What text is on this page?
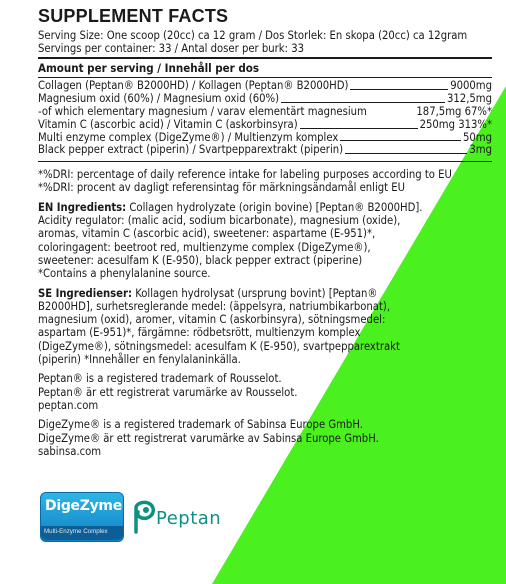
SUPPLEMENT FACTS
Serving Size: One scoop (20cc) ca 12 gram / Dos Storlek: En skopa (20cc) ca 12gram
Servings per container: 33 / Antal doser per burk: 33
Amount per serving / Innehåll per dos
Collagen (Peptan® B2000HD) / Kollagen (Peptan® B2000HD)	9000mg
Magnesium oxid (60%) / Magnesium oxid (60%)	312,5mg
-of which elementary magnesium / varav elementärt magnesium	187,5mg 67%*
Vitamin C (ascorbic acid) / Vitamin C (askorbinsyra)	250mg 313%*
Multi enzyme complex (DigeZyme®) / Multienzym komplex	50mg
Black pepper extract (piperin) / Svartpepparextrakt (piperin)	3mg

*%DRI: percentage of daily reference intake for labeling purposes according to EU

*%DRI: procent av dagligt referensintag för märkningsändamål enligt EU

EN Ingredients: Collagen hydrolyzate (origin bovine) [Peptan® B2000HD].
Acidity regulator: (malic acid, sodium bicarbonate), magnesium (oxide),
aromas, vitamin C (ascorbic acid), sweetener: aspartame (E-951)*,
coloringagent: beetroot red, multienzyme complex (DigeZyme®),
sweetener: acesulfam K (E-950), black pepper extract (piperine)
*Contains a phenylalanine source.

SE Ingredienser: Kollagen hydrolysat (ursprung bovint) [Peptan®
B2000HD], surhetsreglerande medel: (äppelsyra, natriumbikarbonat),
magnesium (oxid), aromer, vitamin C (askorbinsyra), sötningsmedel:
aspartam (E-951)*, färgämne: rödbetsrött, multienzym komplex
(DigeZyme®), sötningsmedel: acesulfam K (E-950), svartpepparextrakt
(piperin) *Innehåller en fenylalaninkälla.

Peptan® is a registered trademark of Rousselot.
Peptan® är ett registrerat varumärke av Rousselot.
peptan.com

DigeZyme® is a registered trademark of Sabinsa Europe GmbH.
DigeZyme® är ett registrerat varumärke av Sabinsa Europe GmbH.
sabinsa.com

DigeZyme
Multi-Enzyme Complex
Peptan
